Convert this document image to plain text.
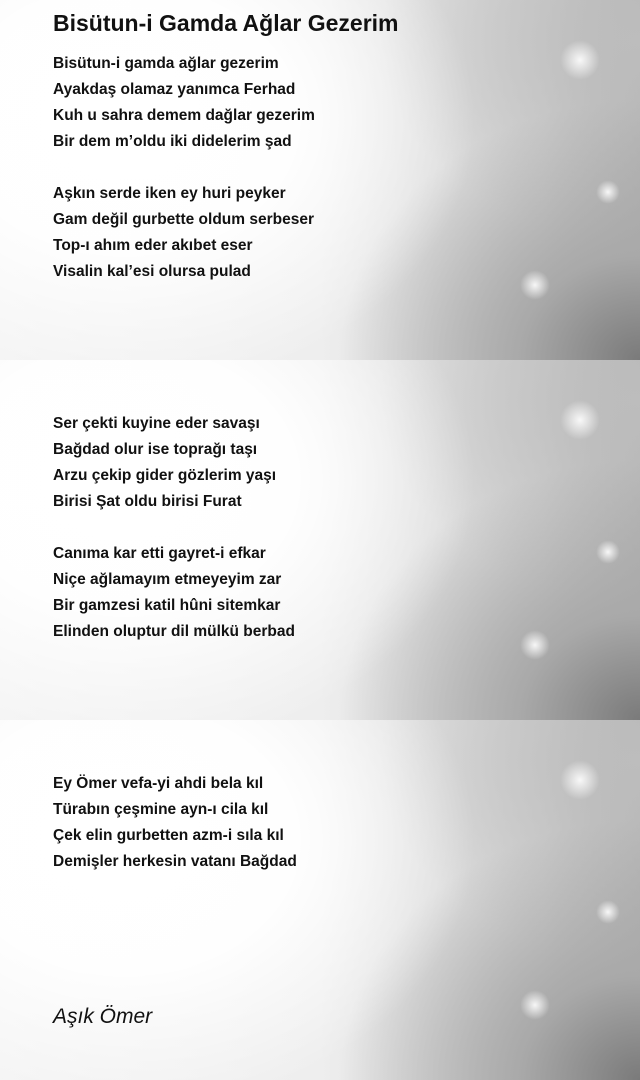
Bisütun-i Gamda Ağlar Gezerim
Bisütun-i gamda ağlar gezerim
Ayakdaş olamaz yanımca Ferhad
Kuh u sahra demem dağlar gezerim
Bir dem m’oldu iki didelerim şad
Aşkın serde iken ey huri peyker
Gam değil gurbette oldum serbeser
Top-ı ahım eder akıbet eser
Visalin kal’esi olursa pulad
Ser çekti kuyine eder savaşı
Bağdad olur ise toprağı taşı
Arzu çekip gider gözlerim yaşı
Birisi Şat oldu birisi Furat
Canıma kar etti gayret-i efkar
Niçe ağlamayım etmeyeyim zar
Bir gamzesi katil hûni sitemkar
Elinden oluptur dil mülkü berbad
Ey Ömer vefa-yi ahdi bela kıl
Türabın çeşmine ayn-ı cila kıl
Çek elin gurbetten azm-i sıla kıl
Demişler herkesin vatanı Bağdad
Aşık Ömer
